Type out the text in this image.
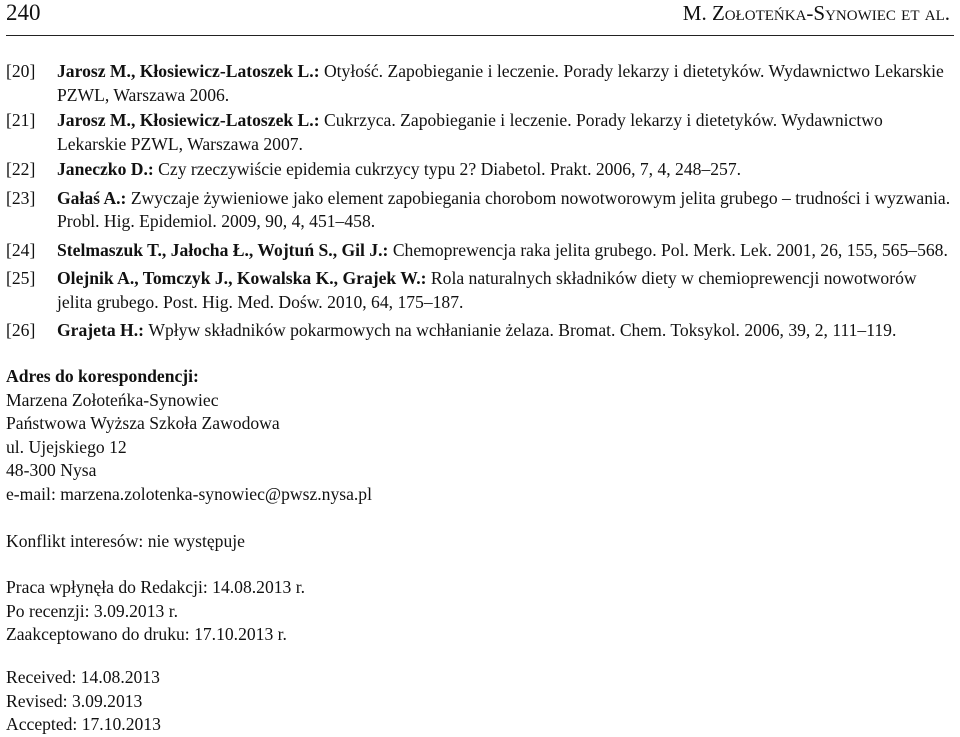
240	M. Zołoteńka-Synowiec et al.
[20] Jarosz M., Kłosiewicz-Latoszek L.: Otyłość. Zapobieganie i leczenie. Porady lekarzy i dietetyków. Wydawnictwo Lekarskie PZWL, Warszawa 2006.
[21] Jarosz M., Kłosiewicz-Latoszek L.: Cukrzyca. Zapobieganie i leczenie. Porady lekarzy i dietetyków. Wydawnictwo Lekarskie PZWL, Warszawa 2007.
[22] Janeczko D.: Czy rzeczywiście epidemia cukrzycy typu 2? Diabetol. Prakt. 2006, 7, 4, 248–257.
[23] Gałaś A.: Zwyczaje żywieniowe jako element zapobiegania chorobom nowotworowym jelita grubego – trudności i wyzwania. Probl. Hig. Epidemiol. 2009, 90, 4, 451–458.
[24] Stelmaszuk T., Jałocha Ł., Wojtuń S., Gil J.: Chemoprewencja raka jelita grubego. Pol. Merk. Lek. 2001, 26, 155, 565–568.
[25] Olejnik A., Tomczyk J., Kowalska K., Grajek W.: Rola naturalnych składników diety w chemioprewencji nowotworów jelita grubego. Post. Hig. Med. Dośw. 2010, 64, 175–187.
[26] Grajeta H.: Wpływ składników pokarmowych na wchłanianie żelaza. Bromat. Chem. Toksykol. 2006, 39, 2, 111–119.
Adres do korespondencji:
Marzena Zołoteńka-Synowiec
Państwowa Wyższa Szkoła Zawodowa
ul. Ujejskiego 12
48-300 Nysa
e-mail: marzena.zolotenka-synowiec@pwsz.nysa.pl
Konflikt interesów: nie występuje
Praca wpłynęła do Redakcji: 14.08.2013 r.
Po recenzji: 3.09.2013 r.
Zaakceptowano do druku: 17.10.2013 r.
Received: 14.08.2013
Revised: 3.09.2013
Accepted: 17.10.2013
